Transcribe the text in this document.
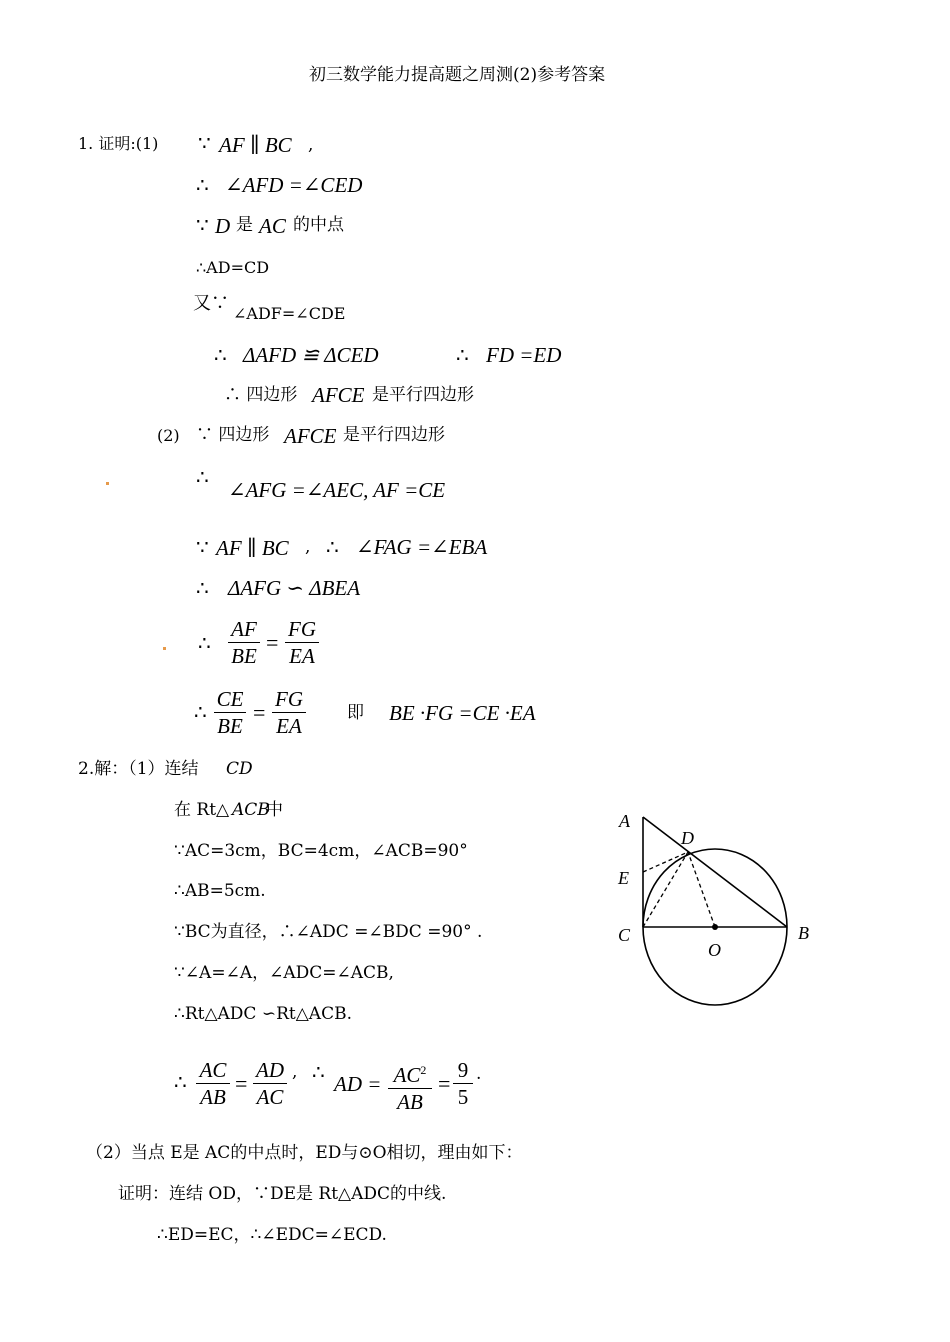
初三数学能力提高题之周测(2)参考答案
1. 证明:(1) ∵ AF ∥ BC ,
∴ ∠AFD =∠CED
∵ D 是 AC 的中点
∴AD=CD
又∵ ∠ADF=∠CDE
∴ ΔAFD ≌ ΔCED	∴ FD =ED
∴ 四边形 AFCE 是平行四边形
(2) ∵ 四边形 AFCE 是平行四边形
∴
∠AFG =∠AEC, AF =CE
∵ AF ∥ BC , ∴ ∠FAG =∠EBA
∴ ΔAFG ∽ ΔBEA
∴ $\frac{AF}{BE} = \frac{FG}{EA}$
∴ $\frac{CE}{BE} = \frac{FG}{EA}$ 即 BE ·FG =CE ·EA
2.解：（1）连结 CD
在 Rt△ ACB
中
∵AC=3cm，BC=4cm，∠ACB=90°
∴AB=5cm.
∵BC为直径，∴∠ADC =∠BDC =90° .
∵∠A=∠A，∠ADC=∠ACB,
∴Rt△ADC ∽Rt△ACB.
∴ $\frac{AC}{AB} = \frac{AD}{AC}$ , ∴ AD = $\frac{AC^2}{AB} = \frac{9}{5}$ .
（2）当点 E是 AC的中点时，ED与⊙O相切，理由如下：
证明：连结 OD，∵DE是 Rt△ADC的中线.
∴ED=EC，∴∠EDC=∠ECD.
A
D
E
C
O
B
